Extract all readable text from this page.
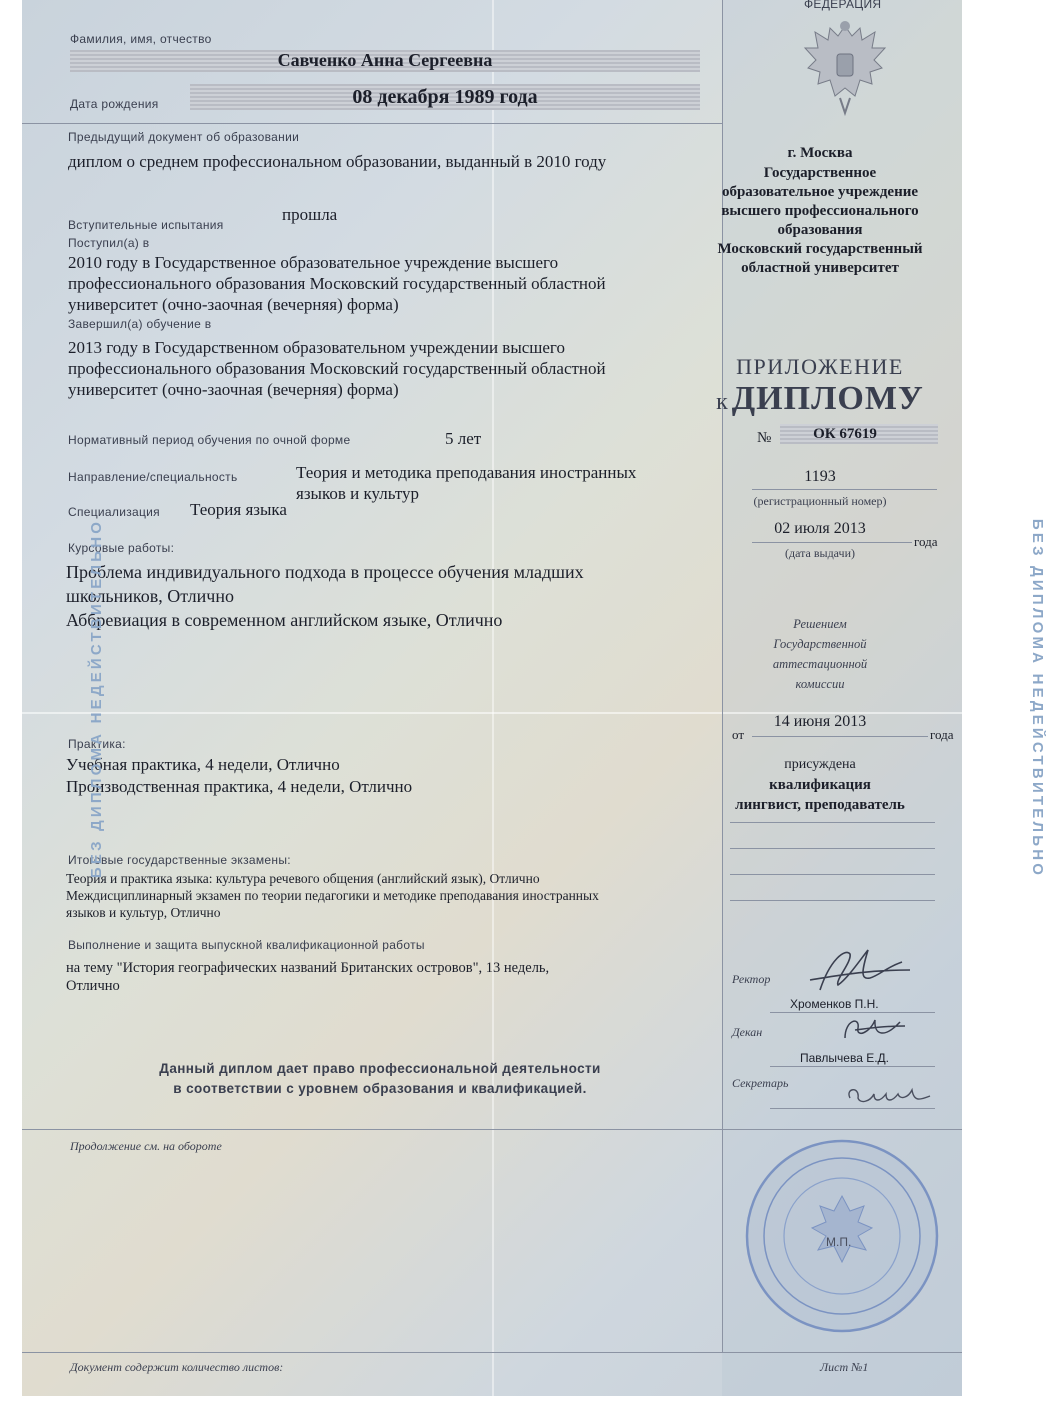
ФЕДЕРАЦИЯ
Фамилия, имя, отчество
Савченко Анна Сергеевна
Дата рождения	08 декабря 1989 года
Предыдущий документ об образовании
диплом о среднем профессиональном образовании, выданный в 2010 году
Вступительные испытания
прошла
Поступил(а) в
2010 году в Государственное образовательное учреждение высшего
профессионального образования Московский государственный областной
университет (очно-заочная (вечерняя) форма)
Завершил(а) обучение в
2013 году в Государственном образовательном учреждении высшего
профессионального образования Московский государственный областной
университет (очно-заочная (вечерняя) форма)
Нормативный период обучения по очной форме	5 лет
Направление/специальность	Теория и методика преподавания иностранных
языков и культур
Специализация Теория языка
Курсовые работы:
Проблема индивидуального подхода в процессе обучения младших
школьников, Отлично
Аббревиация в современном английском языке, Отлично
Практика:
Учебная практика, 4 недели, Отлично
Производственная практика, 4 недели, Отлично
Итоговые государственные экзамены:
Теория и практика языка: культура речевого общения (английский язык), Отлично
Междисциплинарный экзамен по теории педагогики и методике преподавания иностранных
языков и культур, Отлично
Выполнение и защита выпускной квалификационной работы
на тему "История географических названий Британских островов", 13 недель,
Отлично
Данный диплом дает право профессиональной деятельности
в соответствии с уровнем образования и квалификацией.
Продолжение см. на обороте
Документ содержит количество листов:	Лист №1
БЕЗ ДИПЛОМА НЕДЕЙСТВИТЕЛЬНО	БЕЗ ДИПЛОМА НЕДЕЙСТВИТЕЛЬНО
г. Москва
Государственное
образовательное учреждение
высшего профессионального
образования
Московский государственный
областной университет
ПРИЛОЖЕНИЕ
к ДИПЛОМУ
№	ОК 67619
1193
(регистрационный номер)
02 июля 2013
года
(дата выдачи)
Решением
Государственной
аттестационной
комиссии
от
14 июня 2013
года
присуждена
квалификация
лингвист, преподаватель
Ректор
Хроменков П.Н.
Декан
Павлычева Е.Д.
Секретарь
М.П.
